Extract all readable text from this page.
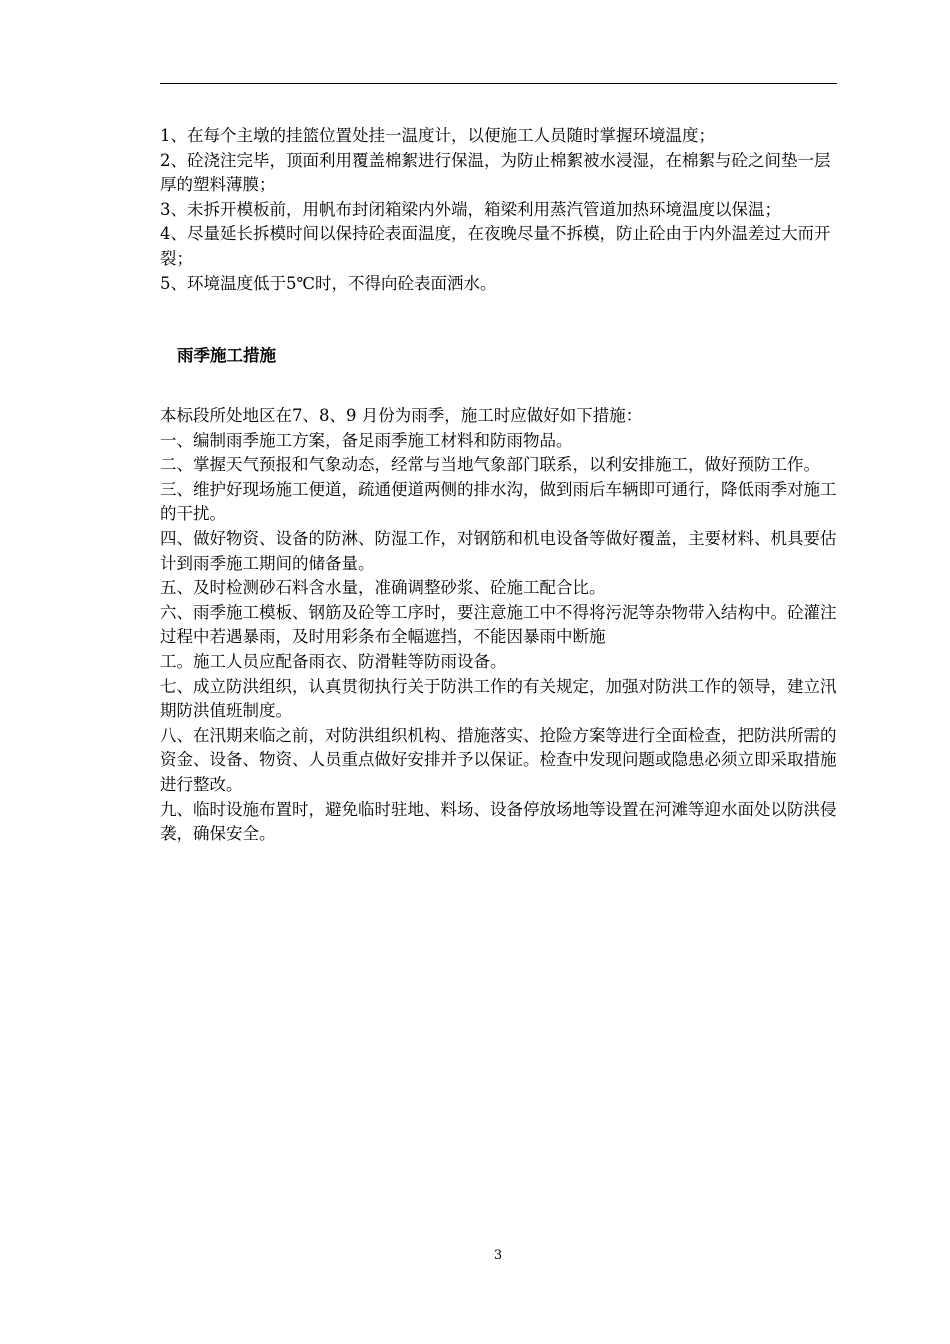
1、在每个主墩的挂篮位置处挂一温度计，以便施工人员随时掌握环境温度；

2、砼浇注完毕，顶面利用覆盖棉絮进行保温，为防止棉絮被水浸湿，在棉絮与砼之间垫一层厚的塑料薄膜；

3、未拆开模板前，用帆布封闭箱梁内外端，箱梁利用蒸汽管道加热环境温度以保温；

4、尽量延长拆模时间以保持砼表面温度，在夜晚尽量不拆模，防止砼由于内外温差过大而开裂；

5、环境温度低于5℃时，不得向砼表面洒水。

雨季施工措施

本标段所处地区在7、8、9 月份为雨季，施工时应做好如下措施：

一、编制雨季施工方案，备足雨季施工材料和防雨物品。

二、掌握天气预报和气象动态，经常与当地气象部门联系，以利安排施工，做好预防工作。

三、维护好现场施工便道，疏通便道两侧的排水沟，做到雨后车辆即可通行，降低雨季对施工的干扰。

四、做好物资、设备的防淋、防湿工作，对钢筋和机电设备等做好覆盖，主要材料、机具要估计到雨季施工期间的储备量。

五、及时检测砂石料含水量，准确调整砂浆、砼施工配合比。

六、雨季施工模板、钢筋及砼等工序时，要注意施工中不得将污泥等杂物带入结构中。砼灌注过程中若遇暴雨，及时用彩条布全幅遮挡，不能因暴雨中断施

工。施工人员应配备雨衣、防滑鞋等防雨设备。

七、成立防洪组织，认真贯彻执行关于防洪工作的有关规定，加强对防洪工作的领导，建立汛期防洪值班制度。

八、在汛期来临之前，对防洪组织机构、措施落实、抢险方案等进行全面检查，把防洪所需的资金、设备、物资、人员重点做好安排并予以保证。检查中发现问题或隐患必须立即采取措施进行整改。

九、临时设施布置时，避免临时驻地、料场、设备停放场地等设置在河滩等迎水面处以防洪侵袭，确保安全。

3
